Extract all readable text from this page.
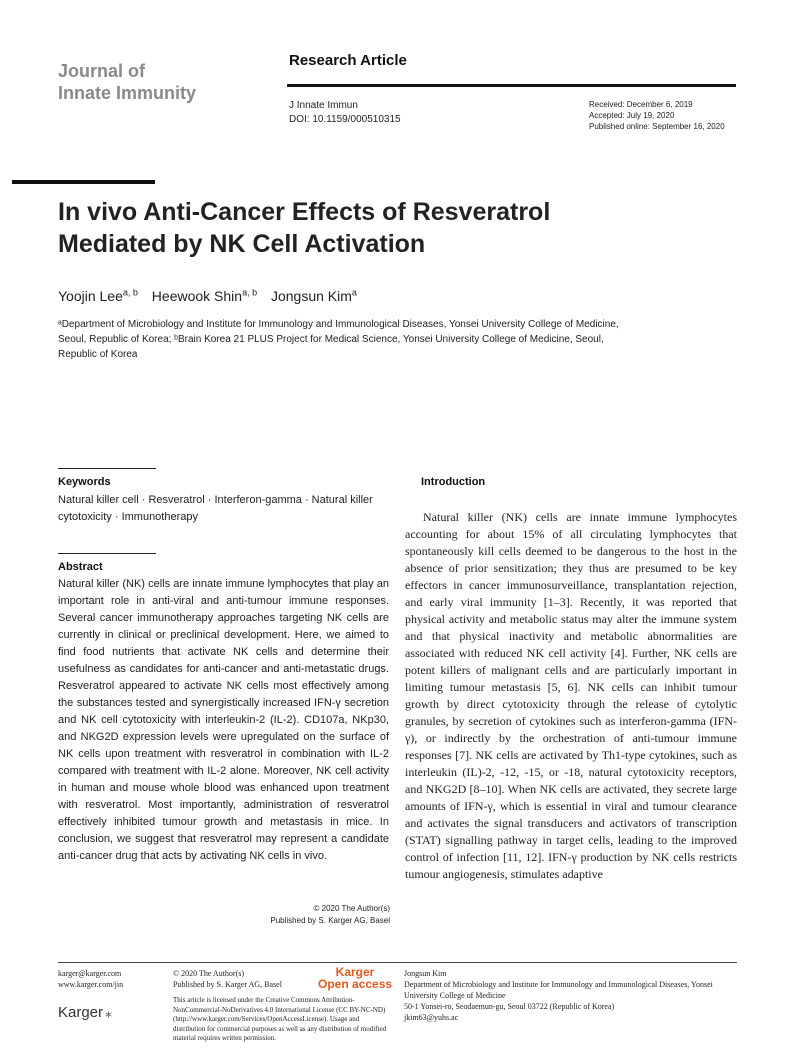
Journal of
Innate Immunity
Research Article
J Innate Immun
DOI: 10.1159/000510315
Received: December 6, 2019
Accepted: July 19, 2020
Published online: September 16, 2020
In vivo Anti-Cancer Effects of Resveratrol
Mediated by NK Cell Activation
Yoojin Lee$^{a, b}$ Heewook Shin$^{a, b}$ Jongsun Kim$^a$
ᵃDepartment of Microbiology and Institute for Immunology and Immunological Diseases, Yonsei University College of Medicine, Seoul, Republic of Korea; ᵇBrain Korea 21 PLUS Project for Medical Science, Yonsei University College of Medicine, Seoul, Republic of Korea
Keywords
Natural killer cell · Resveratrol · Interferon-gamma · Natural killer cytotoxicity · Immunotherapy
Abstract
Natural killer (NK) cells are innate immune lymphocytes that play an important role in anti-viral and anti-tumour immune responses. Several cancer immunotherapy approaches targeting NK cells are currently in clinical or preclinical development. Here, we aimed to find food nutrients that activate NK cells and determine their usefulness as candidates for anti-cancer and anti-metastatic drugs. Resveratrol appeared to activate NK cells most effectively among the substances tested and synergistically increased IFN-γ secretion and NK cell cytotoxicity with interleukin-2 (IL-2). CD107a, NKp30, and NKG2D expression levels were upregulated on the surface of NK cells upon treatment with resveratrol in combination with IL-2 compared with treatment with IL-2 alone. Moreover, NK cell activity in human and mouse whole blood was enhanced upon treatment with resveratrol. Most importantly, administration of resveratrol effectively inhibited tumour growth and metastasis in mice. In conclusion, we suggest that resveratrol may represent a candidate anti-cancer drug that acts by activating NK cells in vivo.
© 2020 The Author(s)
Published by S. Karger AG, Basel
Introduction
Natural killer (NK) cells are innate immune lymphocytes accounting for about 15% of all circulating lymphocytes that spontaneously kill cells deemed to be dangerous to the host in the absence of prior sensitization; they thus are presumed to be key effectors in cancer immunosurveillance, transplantation rejection, and early viral immunity [1–3]. Recently, it was reported that physical activity and metabolic status may alter the immune system and that physical inactivity and metabolic abnormalities are associated with reduced NK cell activity [4]. Further, NK cells are potent killers of malignant cells and are particularly important in limiting tumour metastasis [5, 6]. NK cells can inhibit tumour growth by direct cytotoxicity through the release of cytolytic granules, by secretion of cytokines such as interferon-gamma (IFN-γ), or indirectly by the orchestration of anti-tumour immune responses [7]. NK cells are activated by Th1-type cytokines, such as interleukin (IL)-2, -12, -15, or -18, natural cytotoxicity receptors, and NKG2D [8–10]. When NK cells are activated, they secrete large amounts of IFN-γ, which is essential in viral and tumour clearance and activates the signal transducers and activators of transcription (STAT) signalling pathway in target cells, leading to the improved control of infection [11, 12]. IFN-γ production by NK cells restricts tumour angiogenesis, stimulates adaptive
karger@karger.com
www.karger.com/jin
Karger ⁎
© 2020 The Author(s)
Published by S. Karger AG, Basel
Karger
Open access
This article is licensed under the Creative Commons Attribution-NonCommercial-NoDerivatives 4.0 International License (CC BY-NC-ND) (http://www.karger.com/Services/OpenAccessLicense). Usage and distribution for commercial purposes as well as any distribution of modified material requires written permission.
Jongsun Kim
Department of Microbiology and Institute for Immunology and Immunological Diseases, Yonsei University College of Medicine
50-1 Yonsei-ro, Seodaemun-gu, Seoul 03722 (Republic of Korea)
jkim63@yuhs.ac
